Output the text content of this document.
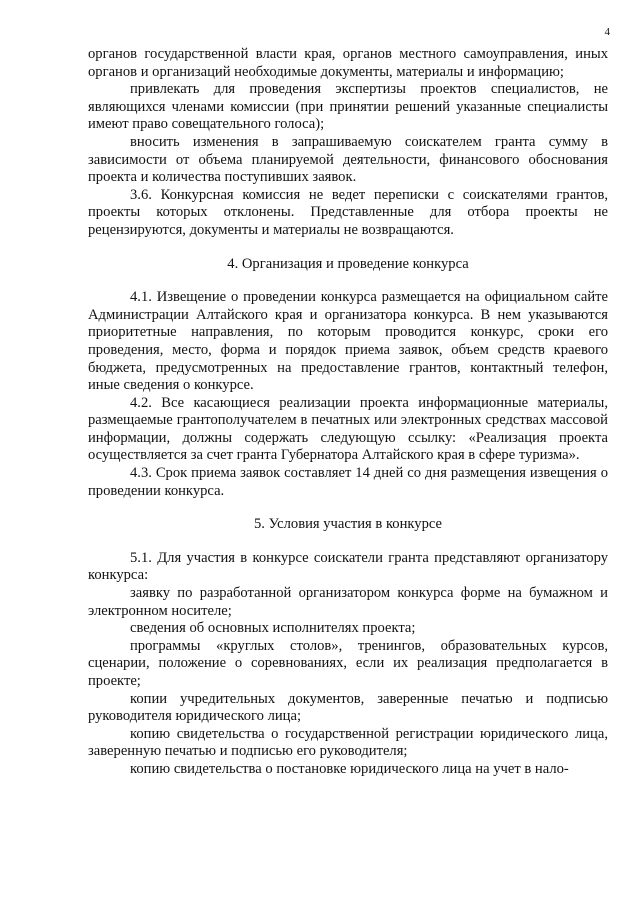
4

органов государственной власти края, органов местного самоуправления, иных органов и организаций необходимые документы, материалы и информацию;

привлекать для проведения экспертизы проектов специалистов, не являющихся членами комиссии (при принятии решений указанные специалисты имеют право совещательного голоса);

вносить изменения в запрашиваемую соискателем гранта сумму в зависимости от объема планируемой деятельности, финансового обоснования проекта и количества поступивших заявок.

3.6. Конкурсная комиссия не ведет переписки с соискателями грантов, проекты которых отклонены. Представленные для отбора проекты не рецензируются, документы и материалы не возвращаются.

4. Организация и проведение конкурса

4.1. Извещение о проведении конкурса размещается на официальном сайте Администрации Алтайского края и организатора конкурса. В нем указываются приоритетные направления, по которым проводится конкурс, сроки его проведения, место, форма и порядок приема заявок, объем средств краевого бюджета, предусмотренных на предоставление грантов, контактный телефон, иные сведения о конкурсе.

4.2. Все касающиеся реализации проекта информационные материалы, размещаемые грантополучателем в печатных или электронных средствах массовой информации, должны содержать следующую ссылку: «Реализация проекта осуществляется за счет гранта Губернатора Алтайского края в сфере туризма».

4.3. Срок приема заявок составляет 14 дней со дня размещения извещения о проведении конкурса.

5. Условия участия в конкурсе

5.1. Для участия в конкурсе соискатели гранта представляют организатору конкурса:

заявку по разработанной организатором конкурса форме на бумажном и электронном носителе;

сведения об основных исполнителях проекта;

программы «круглых столов», тренингов, образовательных курсов, сценарии, положение о соревнованиях, если их реализация предполагается в проекте;

копии учредительных документов, заверенные печатью и подписью руководителя юридического лица;

копию свидетельства о государственной регистрации юридического лица, заверенную печатью и подписью его руководителя;

копию свидетельства о постановке юридического лица на учет в нало-
